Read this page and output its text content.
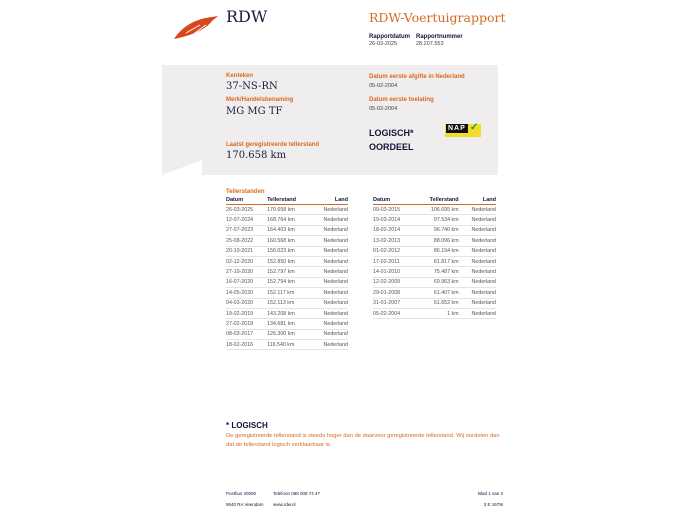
RDW	RDW-Voertuigrapport
Rapportdatum
26-03-2025
Rapportnummer
28.207.553
Kenteken
37-NS-RN
Merk/Handelsbenaming
MG MG TF
Laatst geregistreerde tellerstand
170.658 km
Datum eerste afgifte in Nederland
05-02-2004
Datum eerste toelating
05-02-2004
LOGISCH*
OORDEEL
NAP ✓
Tellerstanden
Datum	Tellerstand	Land
26-03-2025	170.658 km	Nederland
12-07-2024	168.764 km	Nederland
27-07-2023	164.403 km	Nederland
25-08-2022	160.568 km	Nederland
20-10-2021	156.023 km	Nederland
02-12-2020	152.850 km	Nederland
27-10-2020	152.797 km	Nederland
16-07-2020	152.794 km	Nederland
14-05-2020	152.117 km	Nederland
04-03-2020	152.113 km	Nederland
19-02-2019	143.208 km	Nederland
27-02-2018	134.681 km	Nederland
08-03-2017	126.300 km	Nederland
18-02-2016	116.540 km	Nederland
Datum	Tellerstand	Land
09-03-2015	106.695 km	Nederland
19-03-2014	97.534 km	Nederland
18-02-2014	96.740 km	Nederland
13-02-2013	88.096 km	Nederland
01-02-2012	86.194 km	Nederland
17-02-2011	81.817 km	Nederland
14-01-2010	75.487 km	Nederland
12-02-2009	69.963 km	Nederland
29-01-2008	61.407 km	Nederland
31-01-2007	51.652 km	Nederland
05-02-2004	1 km	Nederland
* LOGISCH
De geregistreerde tellerstand is steeds hoger dan de daarvoor geregistreerde tellerstand. Wij oordelen dan dat de tellerstand logisch verklaarbaar is.
Postbus 30000
9640 RA Veendam
Telefoon 088 008 74 47
www.rdw.nl
Blad 1 van 3
3 E 1679I
